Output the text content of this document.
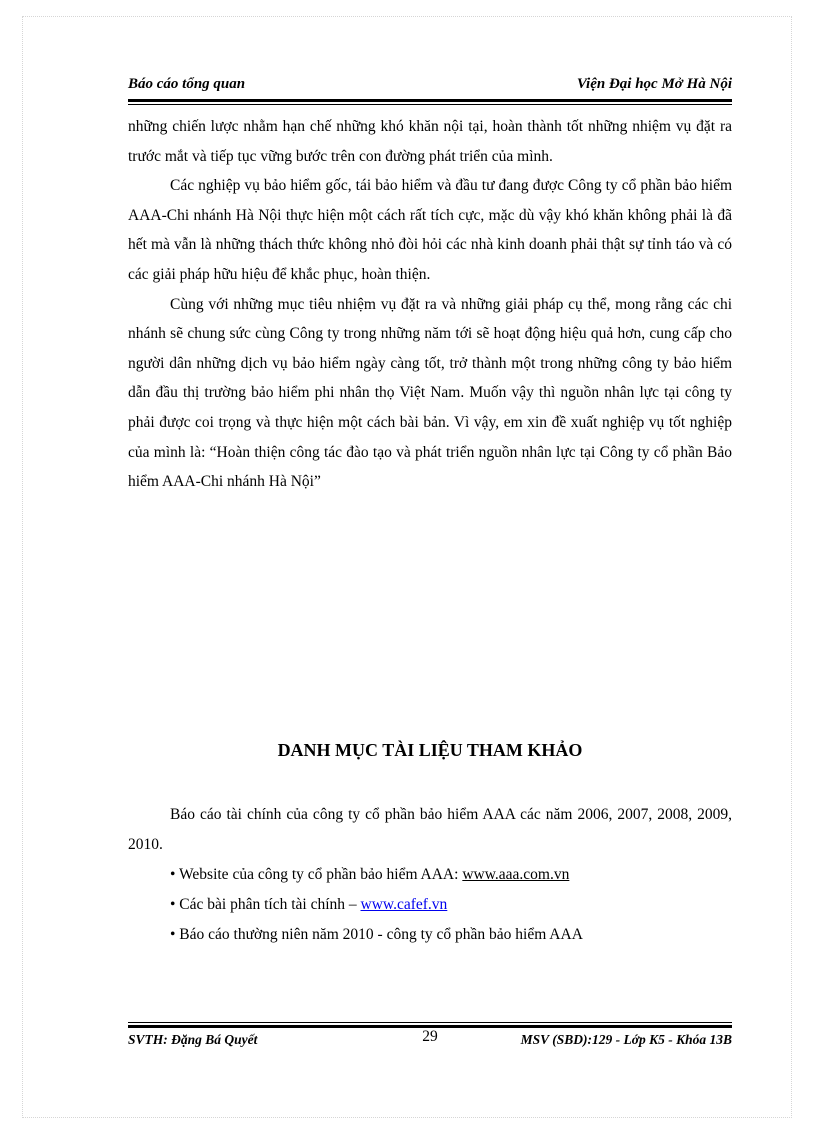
Báo cáo tổng quan	Viện Đại học Mở Hà Nội

những chiến lược nhằm hạn chế những khó khăn nội tại, hoàn thành tốt những nhiệm vụ đặt ra trước mắt và tiếp tục vững bước trên con đường phát triển của mình.

Các nghiệp vụ bảo hiểm gốc, tái bảo hiểm và đầu tư đang được Công ty cổ phần bảo hiểm AAA-Chi nhánh Hà Nội thực hiện một cách rất tích cực, mặc dù vậy khó khăn không phải là đã hết mà vẫn là những thách thức không nhỏ đòi hỏi các nhà kinh doanh phải thật sự tỉnh táo và có các giải pháp hữu hiệu để khắc phục, hoàn thiện.

Cùng với những mục tiêu nhiệm vụ đặt ra và những giải pháp cụ thể, mong rằng các chi nhánh sẽ chung sức cùng Công ty trong những năm tới sẽ hoạt động hiệu quả hơn, cung cấp cho người dân những dịch vụ bảo hiểm ngày càng tốt, trở thành một trong những công ty bảo hiểm dẫn đầu thị trường bảo hiểm phi nhân thọ Việt Nam. Muốn vậy thì nguồn nhân lực tại công ty phải được coi trọng và thực hiện một cách bài bản. Vì vậy, em xin đề xuất nghiệp vụ tốt nghiệp của mình là: “Hoàn thiện công tác đào tạo và phát triển nguồn nhân lực tại Công ty cổ phần Bảo hiểm AAA-Chi nhánh Hà Nội”

DANH MỤC TÀI LIỆU THAM KHẢO

Báo cáo tài chính của công ty cổ phần bảo hiểm AAA các năm 2006, 2007, 2008, 2009, 2010.

• Website của công ty cổ phần bảo hiểm AAA: www.aaa.com.vn

• Các bài phân tích tài chính – www.cafef.vn

• Báo cáo thường niên năm 2010 - công ty cổ phần bảo hiểm AAA

SVTH: Đặng Bá Quyết	29	MSV (SBD):129 - Lớp K5 - Khóa 13B
